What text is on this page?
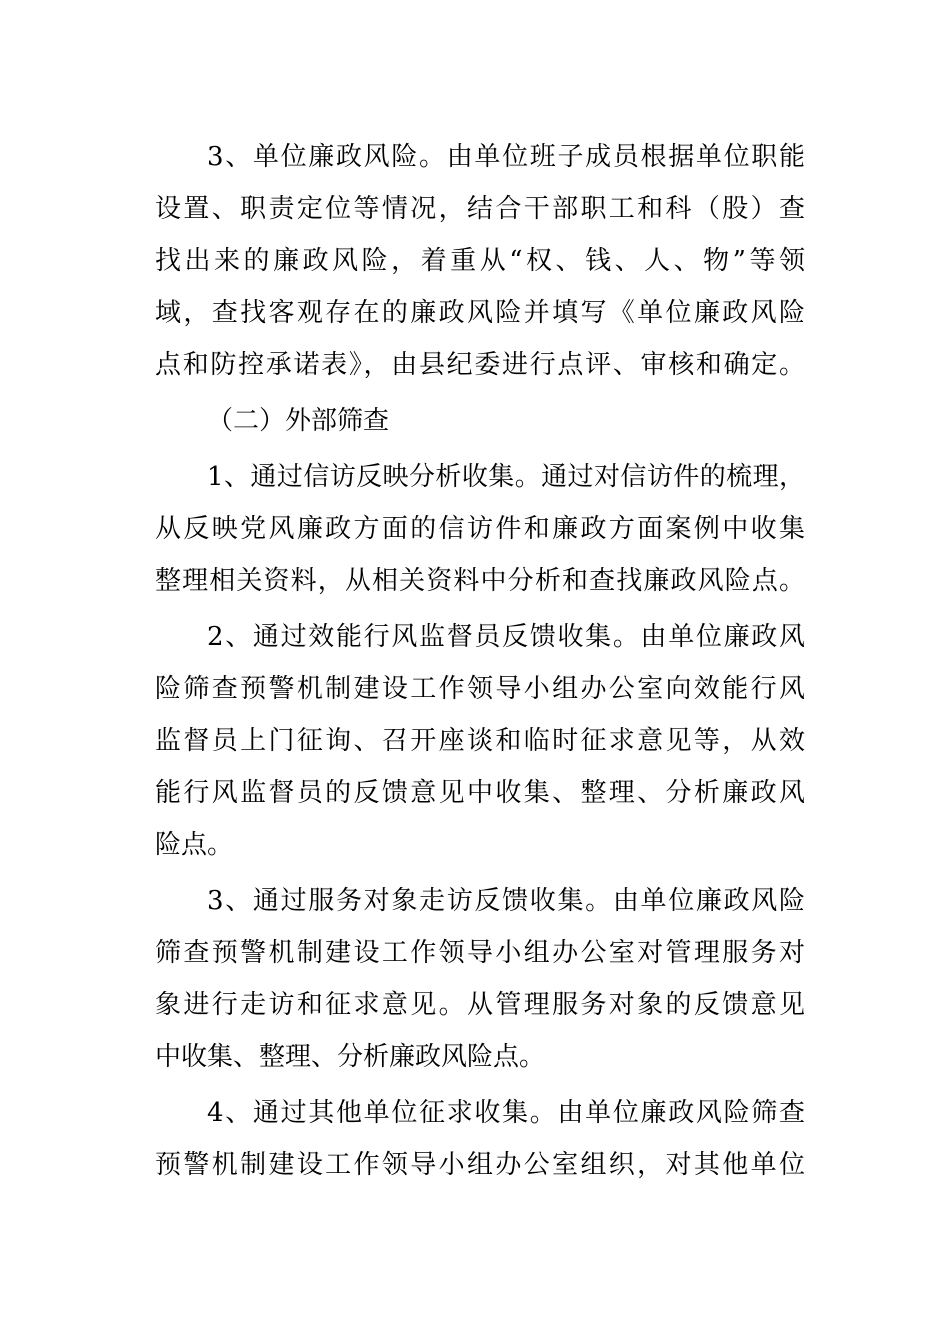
3、单位廉政风险。由单位班子成员根据单位职能
设置、职责定位等情况，结合干部职工和科（股）查
找出来的廉政风险，着重从“权、钱、人、物”等领
域，查找客观存在的廉政风险并填写《单位廉政风险
点和防控承诺表》，由县纪委进行点评、审核和确定。
（二）外部筛查
1、通过信访反映分析收集。通过对信访件的梳理，
从反映党风廉政方面的信访件和廉政方面案例中收集
整理相关资料，从相关资料中分析和查找廉政风险点。
2、通过效能行风监督员反馈收集。由单位廉政风
险筛查预警机制建设工作领导小组办公室向效能行风
监督员上门征询、召开座谈和临时征求意见等，从效
能行风监督员的反馈意见中收集、整理、分析廉政风
险点。
3、通过服务对象走访反馈收集。由单位廉政风险
筛查预警机制建设工作领导小组办公室对管理服务对
象进行走访和征求意见。从管理服务对象的反馈意见
中收集、整理、分析廉政风险点。
4、通过其他单位征求收集。由单位廉政风险筛查
预警机制建设工作领导小组办公室组织，对其他单位
